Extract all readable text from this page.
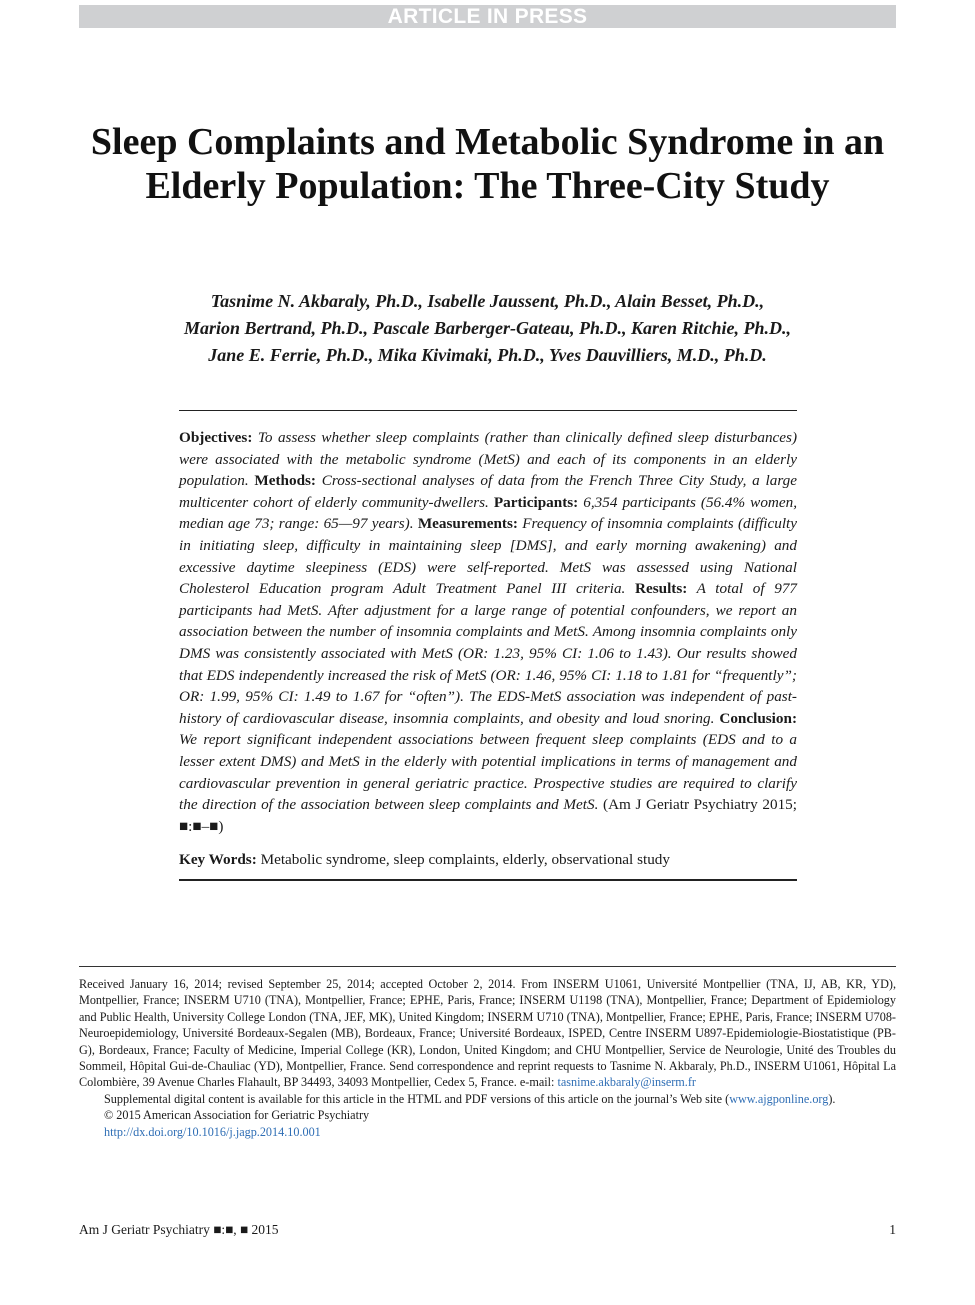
ARTICLE IN PRESS
Sleep Complaints and Metabolic Syndrome in an Elderly Population: The Three-City Study
Tasnime N. Akbaraly, Ph.D., Isabelle Jaussent, Ph.D., Alain Besset, Ph.D.,
Marion Bertrand, Ph.D., Pascale Barberger-Gateau, Ph.D., Karen Ritchie, Ph.D.,
Jane E. Ferrie, Ph.D., Mika Kivimaki, Ph.D., Yves Dauvilliers, M.D., Ph.D.

Objectives: To assess whether sleep complaints (rather than clinically defined sleep disturbances) were associated with the metabolic syndrome (MetS) and each of its components in an elderly population. Methods: Cross-sectional analyses of data from the French Three City Study, a large multicenter cohort of elderly community-dwellers. Participants: 6,354 participants (56.4% women, median age 73; range: 65—97 years). Measurements: Frequency of insomnia complaints (difficulty in initiating sleep, difficulty in maintaining sleep [DMS], and early morning awakening) and excessive daytime sleepiness (EDS) were self-reported. MetS was assessed using National Cholesterol Education program Adult Treatment Panel III criteria. Results: A total of 977 participants had MetS. After adjustment for a large range of potential confounders, we report an association between the number of insomnia complaints and MetS. Among insomnia complaints only DMS was consistently associated with MetS (OR: 1.23, 95% CI: 1.06 to 1.43). Our results showed that EDS independently increased the risk of MetS (OR: 1.46, 95% CI: 1.18 to 1.81 for “frequently”; OR: 1.99, 95% CI: 1.49 to 1.67 for “often”). The EDS-MetS association was independent of past-history of cardiovascular disease, insomnia complaints, and obesity and loud snoring. Conclusion: We report significant independent associations between frequent sleep complaints (EDS and to a lesser extent DMS) and MetS in the elderly with potential implications in terms of management and cardiovascular prevention in general geriatric practice. Prospective studies are required to clarify the direction of the association between sleep complaints and MetS. (Am J Geriatr Psychiatry 2015; ■:■–■)

Key Words: Metabolic syndrome, sleep complaints, elderly, observational study

Received January 16, 2014; revised September 25, 2014; accepted October 2, 2014. From INSERM U1061, Université Montpellier (TNA, IJ, AB, KR, YD), Montpellier, France; INSERM U710 (TNA), Montpellier, France; EPHE, Paris, France; INSERM U1198 (TNA), Montpellier, France; Department of Epidemiology and Public Health, University College London (TNA, JEF, MK), United Kingdom; INSERM U710 (TNA), Montpellier, France; EPHE, Paris, France; INSERM U708-Neuroepidemiology, Université Bordeaux-Segalen (MB), Bordeaux, France; Université Bordeaux, ISPED, Centre INSERM U897-Epidemiologie-Biostatistique (PB-G), Bordeaux, France; Faculty of Medicine, Imperial College (KR), London, United Kingdom; and CHU Montpellier, Service de Neurologie, Unité des Troubles du Sommeil, Hôpital Gui-de-Chauliac (YD), Montpellier, France. Send correspondence and reprint requests to Tasnime N. Akbaraly, Ph.D., INSERM U1061, Hôpital La Colombière, 39 Avenue Charles Flahault, BP 34493, 34093 Montpellier, Cedex 5, France. e-mail: tasnime.akbaraly@inserm.fr

Supplemental digital content is available for this article in the HTML and PDF versions of this article on the journal’s Web site (www.ajgponline.org).

© 2015 American Association for Geriatric Psychiatry

http://dx.doi.org/10.1016/j.jagp.2014.10.001

Am J Geriatr Psychiatry ■:■, ■ 2015	1
